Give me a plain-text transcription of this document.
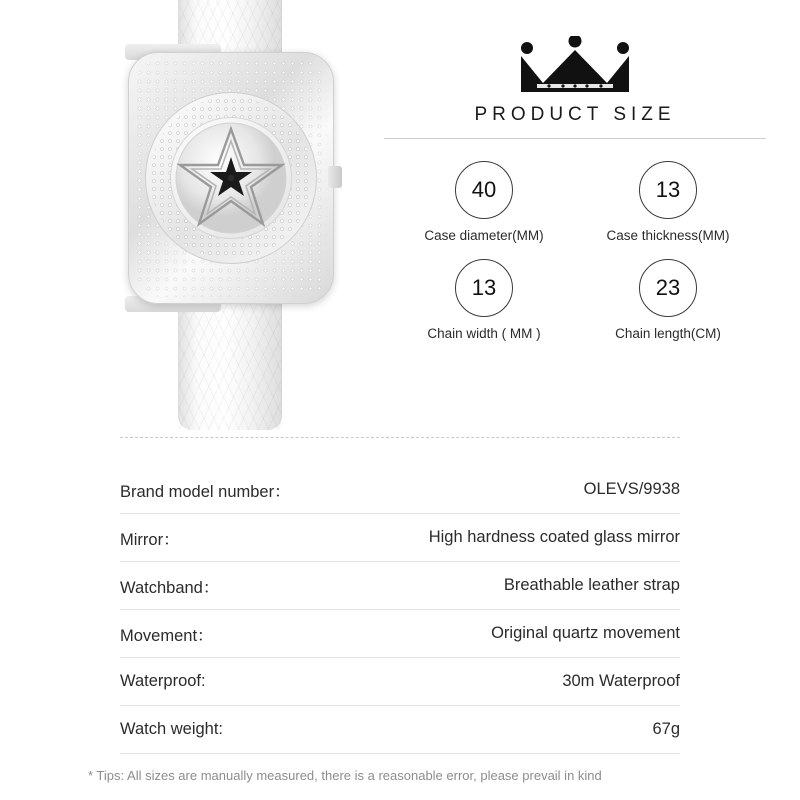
PRODUCT SIZE
40
Case diameter(MM)
13
Case thickness(MM)
13
Chain width ( MM )
23
Chain length(CM)
Brand model number：	OLEVS/9938
Mirror：	High hardness coated glass mirror
Watchband：	Breathable leather strap
Movement：	Original quartz movement
Waterproof:	30m Waterproof
Watch weight:	67g
* Tips: All sizes are manually measured, there is a reasonable error, please prevail in kind
